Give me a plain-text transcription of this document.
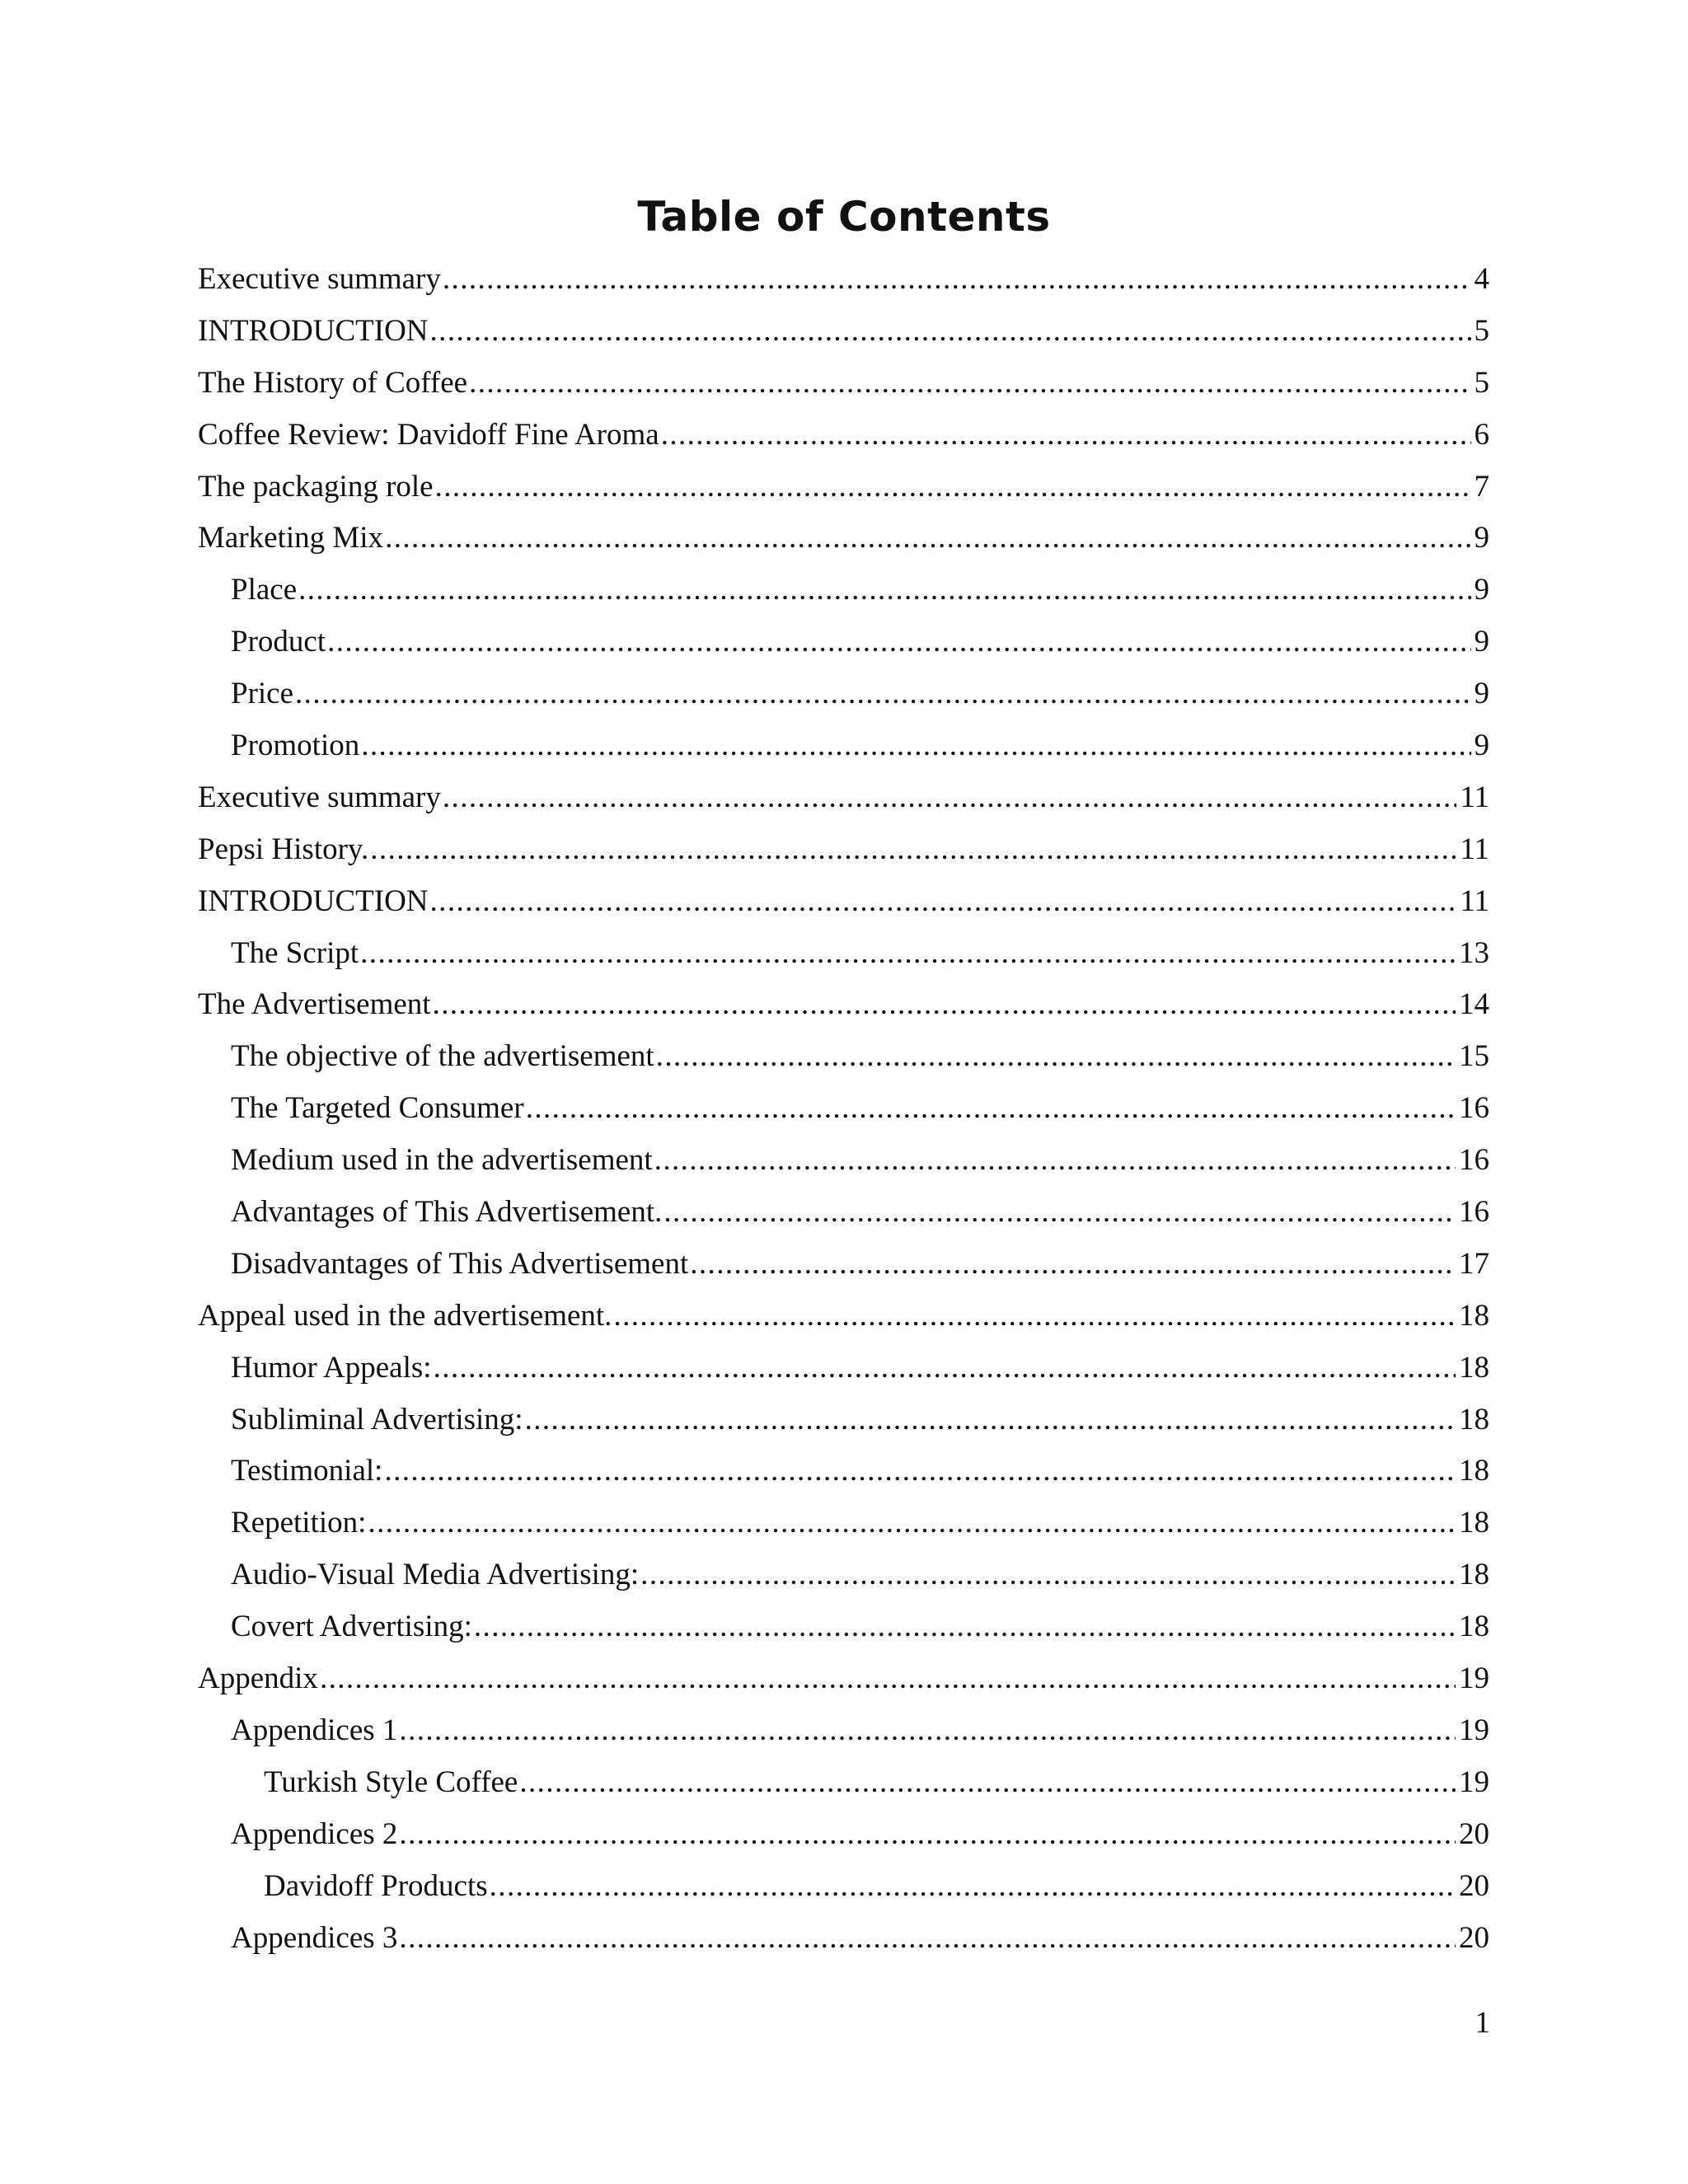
Table of Contents
Executive summary .....	4
INTRODUCTION .....	5
The History of Coffee .....	5
Coffee Review: Davidoff Fine Aroma .....	6
The packaging role .....	7
Marketing Mix .....	9
Place .....	9
Product .....	9
Price .....	9
Promotion .....	9
Executive summary .....	11
Pepsi History. .....	11
INTRODUCTION .....	11
The Script .....	13
The Advertisement .....	14
The objective of the advertisement .....	15
The Targeted Consumer .....	16
Medium used in the advertisement .....	16
Advantages of This Advertisement. .....	16
Disadvantages of This Advertisement .....	17
Appeal used in the advertisement. .....	18
Humor Appeals: .....	18
Subliminal Advertising: .....	18
Testimonial: .....	18
Repetition: .....	18
Audio-Visual Media Advertising: .....	18
Covert Advertising: .....	18
Appendix .....	19
Appendices 1 .....	19
Turkish Style Coffee .....	19
Appendices 2 .....	20
Davidoff Products .....	20
Appendices 3 .....	20

1
